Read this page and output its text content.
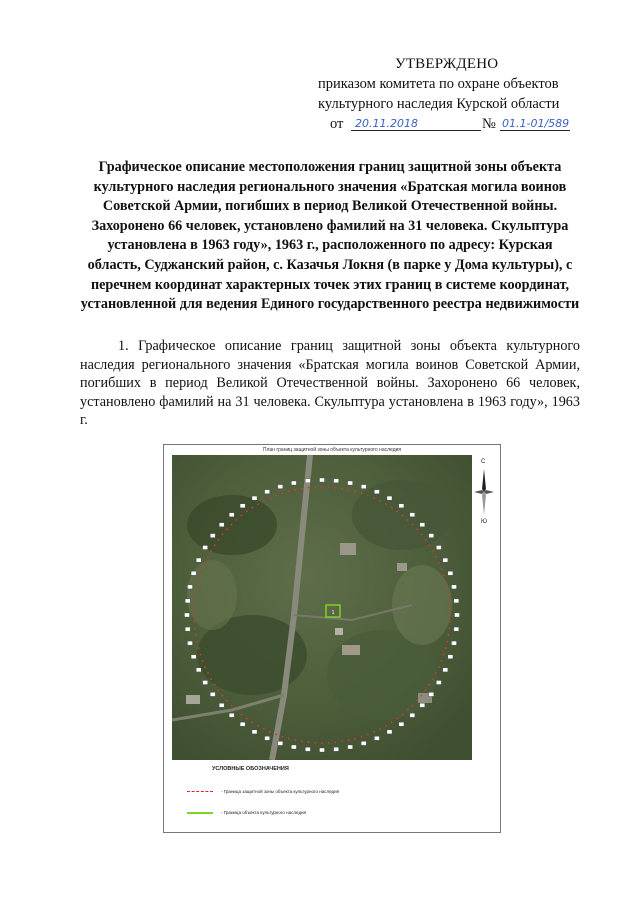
УТВЕРЖДЕНО
приказом комитета по охране объектов
культурного наследия Курской области
от 20.11.2018	№ 01.1-01/589
Графическое описание местоположения границ защитной зоны объекта культурного наследия регионального значения «Братская могила воинов Советской Армии, погибших в период Великой Отечественной войны. Захоронено 66 человек, установлено фамилий на 31 человека. Скульптура установлена в 1963 году», 1963 г., расположенного по адресу: Курская область, Суджанский район, с. Казачья Локня (в парке у Дома культуры), с перечнем координат характерных точек этих границ в системе координат, установленной для ведения Единого государственного реестра недвижимости
1. Графическое описание границ защитной зоны объекта культурного наследия регионального значения «Братская могила воинов Советской Армии, погибших в период Великой Отечественной войны. Захоронено 66 человек, установлено фамилий на 31 человека. Скульптура установлена в 1963 году», 1963 г.
План границ защитной зоны объекта культурного наследия
1
С
Ю
УСЛОВНЫЕ ОБОЗНАЧЕНИЯ
- Граница защитной зоны объекта культурного наследия
- Граница объекта культурного наследия
